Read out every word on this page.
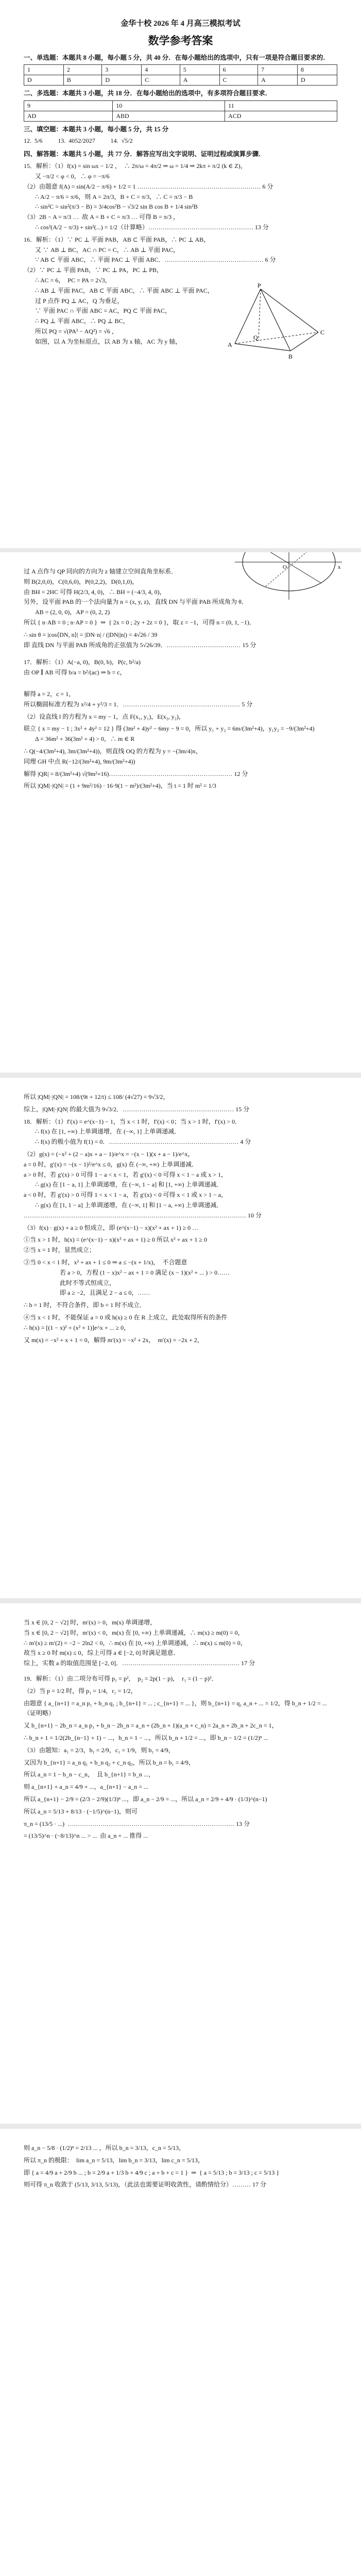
金华十校 2026 年 4 月高三模拟考试
数学参考答案
一、单选题：本题共 8 小题，每小题 5 分，共 40 分．在每小题给出的选项中，只有一项是符合题目要求的．
1	2	3	4	5	6	7	8
D	B	D	C	A	C	A	D
二、多选题：本题共 3 小题，共 18 分．在每小题给出的选项中，有多项符合题目要求．
9	10	11
AD	ABD	ACD
三、填空题：本题共 3 小题，每小题 5 分，共 15 分
12.  5/6          13.  4052/2027          14.  √5/2
四、解答题：本题共 5 小题，共 77 分．解答应写出文字说明、证明过程或演算步骤．
15．解析：（1）f(x) = sin ωx − 1/2 ，  ∴ 2π/ω = 4π/2 ⇒ ω = 1/4 ⇒ 2kπ + π/2 (k ∈ Z)，
又 −π/2 < φ < 0，∴ φ = −π/6
（2）由题意 f(A) = sin(A/2 − π/6) + 1/2 = 1 …………………………………………………… 6 分
∴ A/2 − π/6 = π/6，则 A = 2π/3，B + C = π/3，∴ C = π/3 − B
∴ sin²C = sin²(π/3 − B) = 3/4cos²B − √3/2 sin B cos B + 1/4 sin²B
（3）2B − A = π/3 …  故 A = B + C = π/3 … 可得 B = π/3 ，
∴ cos²(A/2 − π/3) + sin²(...) = 1/2（计算略）…………………………………………… 13 分
16．解析：（1）∵ PC ⊥ 平面 PAB，AB ⊂ 平面 PAB，∴ PC ⊥ AB，
又 ∵ AB ⊥ BC，AC ∩ PC = C，∴ AB ⊥ 平面 PAC，
∵ AB ⊂ 平面 ABC，∴ 平面 PAC ⊥ 平面 ABC．………………………………………… 6 分
（2）∵ PC ⊥ 平面 PAB，∵ PC ⊥ PA，PC ⊥ PB，
∴ AC = 6，  PC = PA = 2√3，
∴ AB ⊥ 平面 PAC，AB ⊂ 平面 ABC，∴ 平面 ABC ⊥ 平面 PAC，
过 P 点作 PQ ⊥ AC，Q 为垂足，
∵ 平面 PAC ∩ 平面 ABC = AC，PQ ⊂ 平面 PAC，
∴ PQ ⊥ 平面 ABC，∴ PQ ⊥ BC，
所以 PQ = √(PA² − AQ²) = √6 ，
如图，以 A 为坐标原点，以 AB 为 x 轴，AC 为 y 轴，
P
A
B
C
Q
过 A 点作与 QP 同向的方向为 z 轴建立空间直角坐标系．
则 B(2,0,0)，C(0,6,0)，P(0,2,2)，D(0,1,0)，
由 BH = 2HC 可得 H(2/3, 4, 0)，∴ BH = (−4/3, 4, 0)，
另外，设平面 PAB 的一个法向量为 n = (x, y, z)，直线 DN 与平面 PAB 所成角为 θ．
AB = (2, 0, 0)，AP = (0, 2, 2)
所以 { n·AB = 0 ; n·AP = 0 }  ⇒  { 2x = 0 ; 2y + 2z = 0 }，取 z = −1，可得 n = (0, 1, −1)．
∴ sin θ = |cos⟨DN, n⟩| = |DN·n| / (|DN||n|) = 4√26 / 39
即 直线 DN 与平面 PAB 所成角的正弦值为 5√26/39．……………………………… 15 分
17．解析：（1）A(−a, 0)，B(0, b)，P(c, b²/a)
由 OP ∥ AB 可得 b/a = b²/(ac) ⇒ b = c，
解得 a = 2，c = 1，
所以椭圆标准方程为 x²/4 + y²/3 = 1．………………………………………………… 5 分
（2）设直线 l 的方程为 x = my − 1，点 F(x₁, y₁)，E(x₂, y₂)，
联立 { x = my − 1 ; 3x² + 4y² = 12 } 得 (3m² + 4)y² − 6my − 9 = 0，所以 y₁ + y₂ = 6m/(3m²+4)，y₁y₂ = −9/(3m²+4)
Δ = 36m² + 36(3m² + 4) > 0，∴ m ∈ R
∴ Q(−4/(3m²+4), 3m/(3m²+4))，则直线 OQ 的方程为 y = −(3m/4)x，
同理 GH 中点 R(−12/(3m²+4), 9m/(3m²+4))
解得 |QR| = 8/(3m²+4) √(9m²+16)…………………………………………………… 12 分
所以 |QM|·|QN| = (1 + 9m²/16) · 16·9(1 − m²)/(3m²+4)，当 t = 1 时 m² = 1/3
x
O
所以 |QM|·|QN| = 108/(9t + 12/t) ≤ 108/ (4√27) = 9√3/2，
综上，|QM|·|QN| 的最大值为 9√3/2．……………………………………………… 15 分
18．解析：（1）f′(x) = e^(x−1) − 1，当 x < 1 时，f′(x) < 0；当 x > 1 时，f′(x) > 0．
∴ f(x) 在 [1, +∞) 上单调递增，在 (−∞, 1] 上单调递减．
∴ f(x) 的极小值为 f(1) = 0．……………………………………………………… 4 分
（2）g(x) = (−x² + (2 − a)x + a − 1)/e^x = −(x − 1)(x + a − 1)/e^x，
a = 0 时，g′(x) = −(x − 1)²/e^x ≤ 0，g(x) 在 (−∞, +∞) 上单调递减．
a > 0 时，若 g′(x) > 0 可得 1 − a < x < 1，若 g′(x) < 0 可得 x < 1 − a 或 x > 1，
∴ g(x) 在 [1 − a, 1] 上单调递增，在 (−∞, 1 − a] 和 [1, +∞) 上单调递减．
a < 0 时，若 g′(x) > 0 可得 1 < x < 1 − a，若 g′(x) < 0 可得 x < 1 或 x > 1 − a，
∴ g(x) 在 [1, 1 − a] 上单调递增，在 (−∞, 1] 和 [1 − a, +∞) 上单调递减．
……………………………………………………………………………………………… 10 分
（3）f(x) · g(x) + a ≥ 0 恒成立，即 (e^(x−1) − x)(x² + ax + 1) ≥ 0 …
①当 x > 1 时，h(x) = (e^(x−1) − x)(x² + ax + 1) ≥ 0 所以 x² + ax + 1 ≥ 0
②当 x = 1 时，显然成立；
③当 0 < x < 1 时，x² + ax + 1 ≤ 0 ⇒ a ≤ −(x + 1/x)，  不合题意
若 a > 0，方程 (1 − x)x² − ax + 1 = 0 满足 (x − 1)(x² + ... ) > 0……
此时不等式恒成立，
即 a ≥ −2，且满足 2 − a ≤ 0，……
∴ b = 1 时，不符合条件，即 b = 1 时不成立．
④当 x < 1 时，不能保证 a = 0 或 h(x) ≥ 0 在 R 上成立，此处取得所有的条件
∴ h(x) = [(1 − x)² + (x² + 1)]e^x + ... ≥ 0，
又 m(x) = −x² + x + 1 = 0，解得 m′(x) = −x² + 2x，  m′(x) = −2x + 2，
当 x ∈ [0, 2 − √2] 时，m′(x) > 0，m(x) 单调递增，
当 x ∈ [0, 2 − √2] 时，m′(x) < 0，m(x) 在 [0, +∞) 上单调递减，∴ m(x) ≥ m(0) = 0，
∴ m′(x) ≥ m′(2) = −2 − 2ln2 < 0，∴ m(x) 在 [0, +∞) 上单调递减，∴ m(x) ≤ m(0) = 0，
故当 x ≥ 0 时 m(x) ≤ 0，综上可得 a ∈ [−2, 0] 时满足题意．
综上，实数 a 的取值范围是 [−2, 0]．………………………………………………… 17 分
19．解析：（1）由二项分布可得 p₁ = p²，  p₂ = 2p(1 − p)，  r₁ = (1 − p)²．
（2）当 p = 1/2 时，得 p₁ = 1/4，r₁ = 1/2，
由题意 { a_{n+1} = a_n p₁ + b_n q₁ ; b_{n+1} = ... ; c_{n+1} = ... }，则 b_{n+1} = q₁ a_n + ... = 1/2，得 b_n + 1/2 = ...（证明略）
又 b_{n+1} − 2b_n = a_n p₁ + b_n − 2b_n = a_n + (2b_n + 1)(a_n + c_n) = 2a_n + 2b_n + 2c_n = 1，
∴ b_n + 1 = 1/2(2b_{n−1} + 1) − ...，b_n = 1 − ...，所以 b_n + 1/2 = ...，即 b_n − 1/2 = (1/2)ⁿ ...
（3）由题知：a₁ = 2/3，b₁ = 2/9，c₁ = 1/9，则 b₁ = 4/9，
又因为 b_{n+1} = a_n q₁ + b_n q₂ + c_n q₃，所以 b_n = b₁ = 4/9，
所以 a_n = 1 − b_n − c_n，  且 b_{n+1} = b_n ...，
则 a_{n+1} + a_n = 4/9 + ...，a_{n+1} − a_n = ...
所以 a_{n+1} − 2/9 = (2/3 − 2/9)(1/3)ⁿ ...，即 a_n − 2/9 = ...，所以 a_n = 2/9 + 4/9 · (1/3)^(n−1)
所以 a_n = 5/13 + 8/13 · (−1/5)^(n−1)，则可
π_n = (13/5 · ...)  ……………………………………………………………………… 13 分
= (13/5)^n · (−8/13)^n ... > ...  由 a_n + ... 推得 ...
则 a_n − 5/8 · (1/2)ⁿ = 2/13 ... ，所以 b_n = 3/13，c_n = 5/13，
所以 π_n 的极限：  lim a_n = 5/13，lim b_n = 3/13，lim c_n = 5/13，
即 { a = 4/9 a + 2/9 b ... ; b = 2/9 a + 1/3 b + 4/9 c ; a + b + c = 1 }  ⇒  { a = 5/13 ; b = 3/13 ; c = 5/13 }
则可得 π_n 收敛于 (5/13, 3/13, 5/13)，（此法也需要证明收敛性，请酌情给分）……… 17 分
